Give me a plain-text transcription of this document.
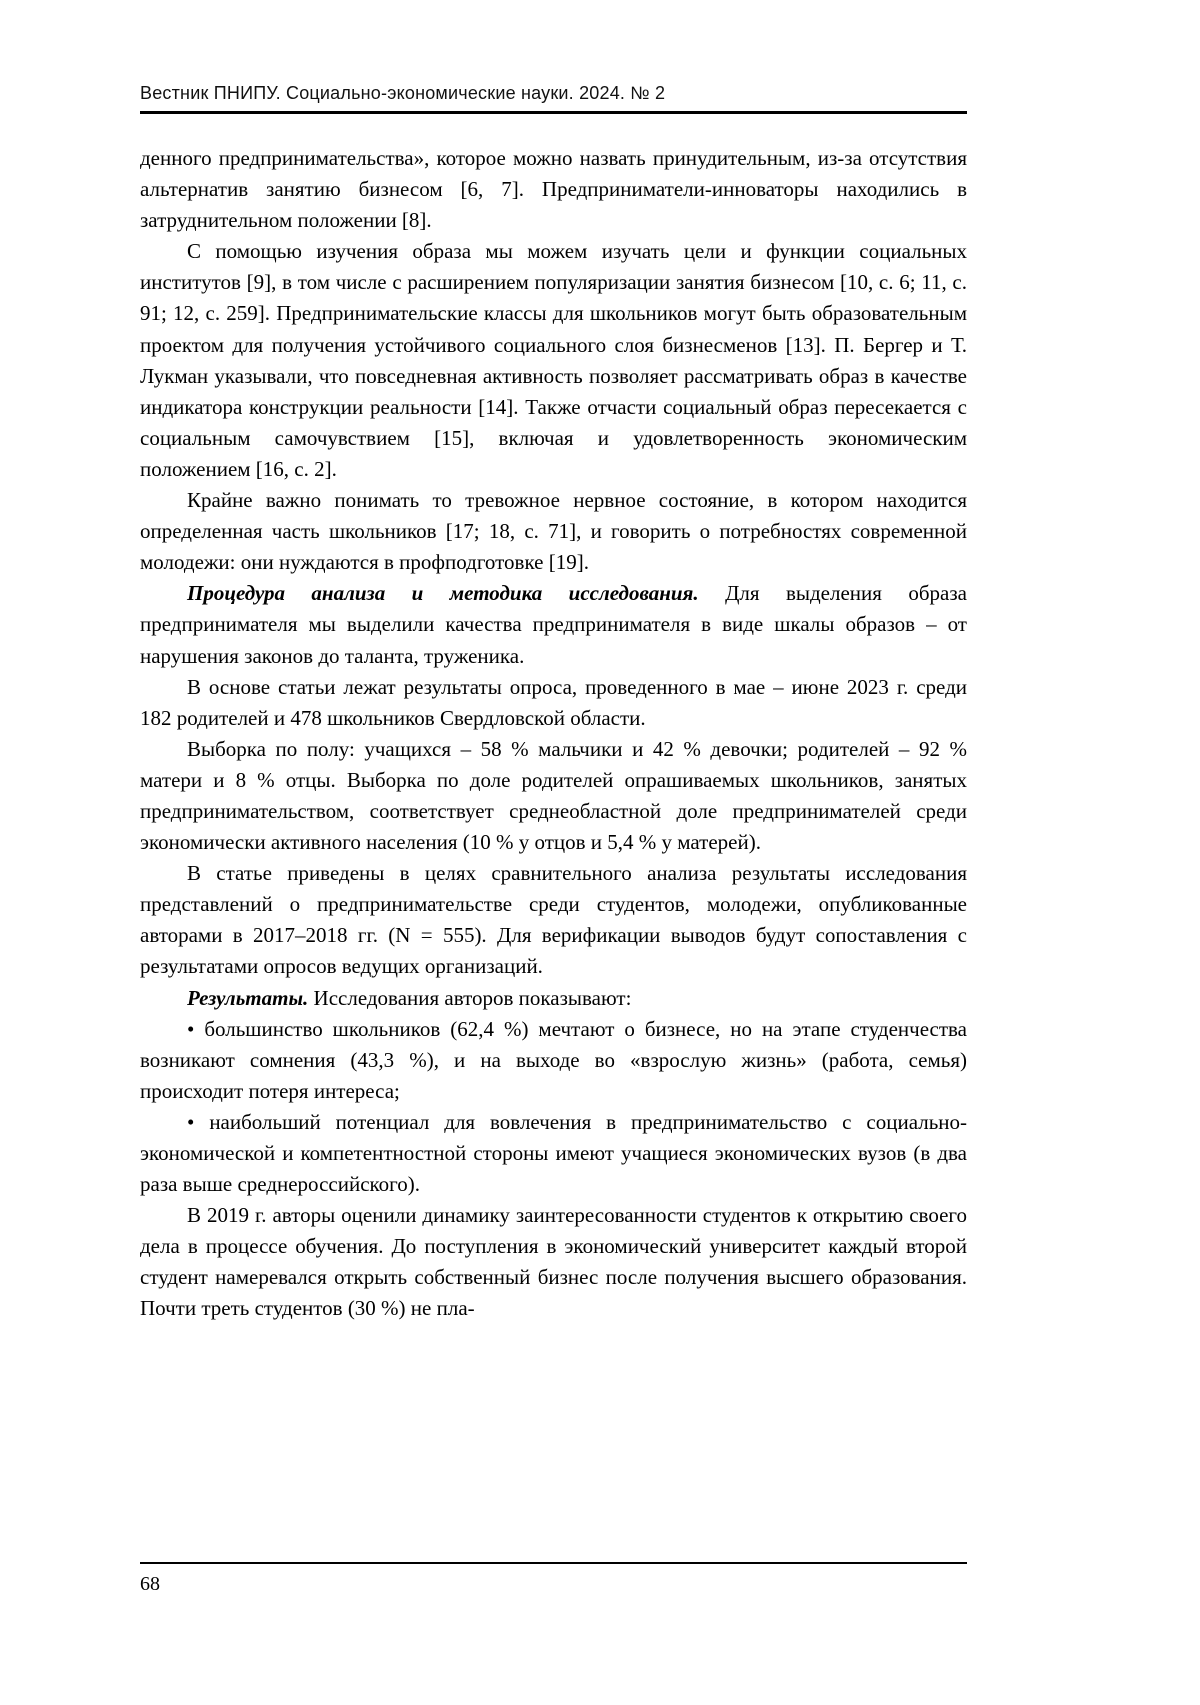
Вестник ПНИПУ. Социально-экономические науки. 2024. № 2

денного предпринимательства», которое можно назвать принудительным, из-за отсутствия альтернатив занятию бизнесом [6, 7]. Предприниматели-инноваторы находились в затруднительном положении [8].

С помощью изучения образа мы можем изучать цели и функции социальных институтов [9], в том числе с расширением популяризации занятия бизнесом [10, с. 6; 11, с. 91; 12, с. 259]. Предпринимательские классы для школьников могут быть образовательным проектом для получения устойчивого социального слоя бизнесменов [13]. П. Бергер и Т. Лукман указывали, что повседневная активность позволяет рассматривать образ в качестве индикатора конструкции реальности [14]. Также отчасти социальный образ пересекается с социальным самочувствием [15], включая и удовлетворенность экономическим положением [16, с. 2].

Крайне важно понимать то тревожное нервное состояние, в котором находится определенная часть школьников [17; 18, с. 71], и говорить о потребностях современной молодежи: они нуждаются в профподготовке [19].

Процедура анализа и методика исследования. Для выделения образа предпринимателя мы выделили качества предпринимателя в виде шкалы образов – от нарушения законов до таланта, труженика.

В основе статьи лежат результаты опроса, проведенного в мае – июне 2023 г. среди 182 родителей и 478 школьников Свердловской области.

Выборка по полу: учащихся – 58 % мальчики и 42 % девочки; родителей – 92 % матери и 8 % отцы. Выборка по доле родителей опрашиваемых школьников, занятых предпринимательством, соответствует среднеобластной доле предпринимателей среди экономически активного населения (10 % у отцов и 5,4 % у матерей).

В статье приведены в целях сравнительного анализа результаты исследования представлений о предпринимательстве среди студентов, молодежи, опубликованные авторами в 2017–2018 гг. (N = 555). Для верификации выводов будут сопоставления с результатами опросов ведущих организаций.

Результаты. Исследования авторов показывают:

• большинство школьников (62,4 %) мечтают о бизнесе, но на этапе студенчества возникают сомнения (43,3 %), и на выходе во «взрослую жизнь» (работа, семья) происходит потеря интереса;

• наибольший потенциал для вовлечения в предпринимательство с социально-экономической и компетентностной стороны имеют учащиеся экономических вузов (в два раза выше среднероссийского).

В 2019 г. авторы оценили динамику заинтересованности студентов к открытию своего дела в процессе обучения. До поступления в экономический университет каждый второй студент намеревался открыть собственный бизнес после получения высшего образования. Почти треть студентов (30 %) не пла-

68
